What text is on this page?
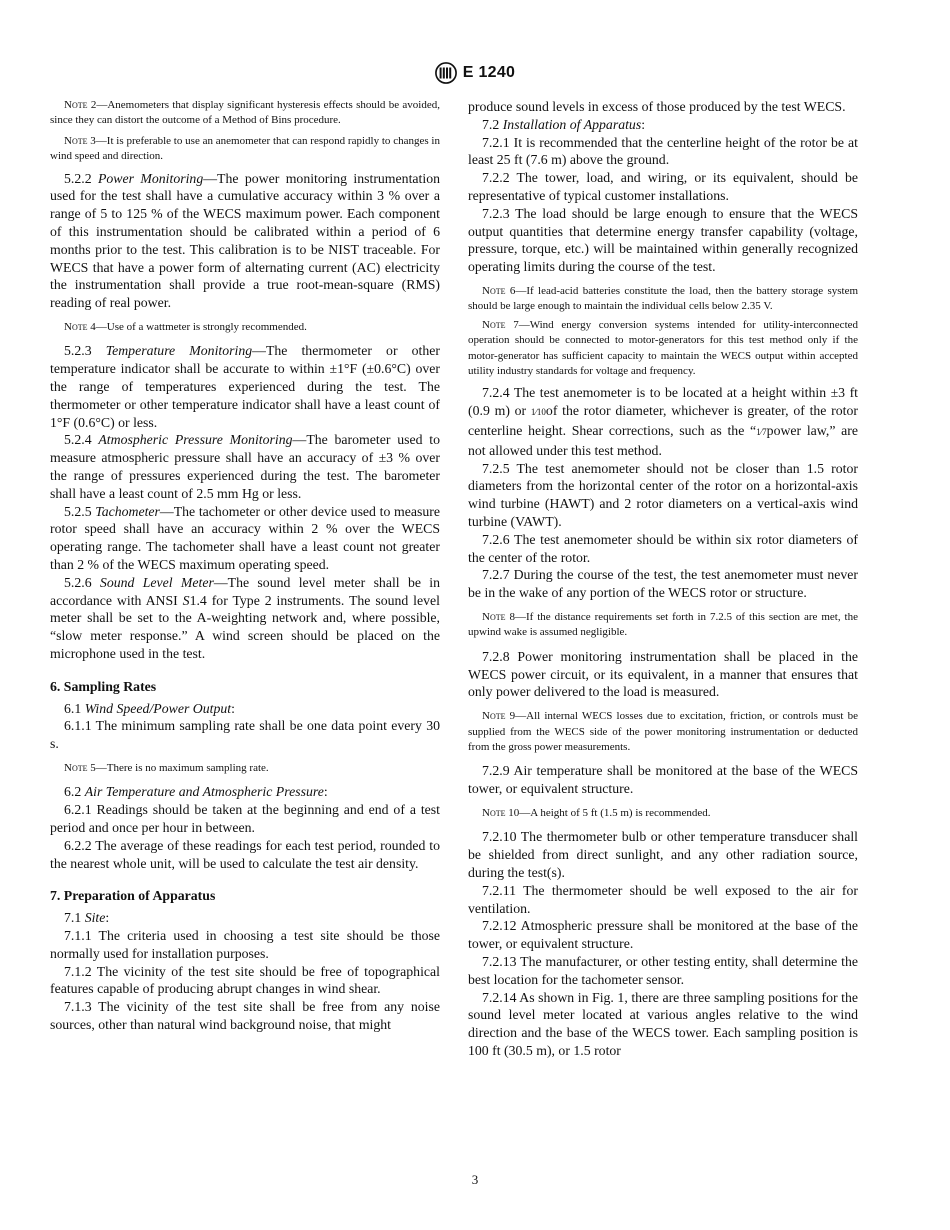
E 1240

Note 2—Anemometers that display significant hysteresis effects should be avoided, since they can distort the outcome of a Method of Bins procedure.

Note 3—It is preferable to use an anemometer that can respond rapidly to changes in wind speed and direction.

5.2.2 Power Monitoring—The power monitoring instrumentation used for the test shall have a cumulative accuracy within 3 % over a range of 5 to 125 % of the WECS maximum power. Each component of this instrumentation should be calibrated within a period of 6 months prior to the test. This calibration is to be NIST traceable. For WECS that have a power form of alternating current (AC) electricity the instrumentation shall provide a true root-mean-square (RMS) reading of real power.

Note 4—Use of a wattmeter is strongly recommended.

5.2.3 Temperature Monitoring—The thermometer or other temperature indicator shall be accurate to within ±1°F (±0.6°C) over the range of temperatures experienced during the test. The thermometer or other temperature indicator shall have a least count of 1°F (0.6°C) or less.

5.2.4 Atmospheric Pressure Monitoring—The barometer used to measure atmospheric pressure shall have an accuracy of ±3 % over the range of pressures experienced during the test. The barometer shall have a least count of 2.5 mm Hg or less.

5.2.5 Tachometer—The tachometer or other device used to measure rotor speed shall have an accuracy within 2 % over the WECS operating range. The tachometer shall have a least count not greater than 2 % of the WECS maximum operating speed.

5.2.6 Sound Level Meter—The sound level meter shall be in accordance with ANSI S1.4 for Type 2 instruments. The sound level meter shall be set to the A-weighting network and, where possible, “slow meter response.” A wind screen should be placed on the microphone used in the test.

6. Sampling Rates

6.1 Wind Speed/Power Output:

6.1.1 The minimum sampling rate shall be one data point every 30 s.

Note 5—There is no maximum sampling rate.

6.2 Air Temperature and Atmospheric Pressure:

6.2.1 Readings should be taken at the beginning and end of a test period and once per hour in between.

6.2.2 The average of these readings for each test period, rounded to the nearest whole unit, will be used to calculate the test air density.

7. Preparation of Apparatus

7.1 Site:

7.1.1 The criteria used in choosing a test site should be those normally used for installation purposes.

7.1.2 The vicinity of the test site should be free of topographical features capable of producing abrupt changes in wind shear.

7.1.3 The vicinity of the test site shall be free from any noise sources, other than natural wind background noise, that might

produce sound levels in excess of those produced by the test WECS.

7.2 Installation of Apparatus:

7.2.1 It is recommended that the centerline height of the rotor be at least 25 ft (7.6 m) above the ground.

7.2.2 The tower, load, and wiring, or its equivalent, should be representative of typical customer installations.

7.2.3 The load should be large enough to ensure that the WECS output quantities that determine energy transfer capability (voltage, pressure, torque, etc.) will be maintained within generally recognized operating limits during the course of the test.

Note 6—If lead-acid batteries constitute the load, then the battery storage system should be large enough to maintain the individual cells below 2.35 V.

Note 7—Wind energy conversion systems intended for utility-interconnected operation should be connected to motor-generators for this test method only if the motor-generator has sufficient capacity to maintain the WECS output within accepted utility industry standards for voltage and frequency.

7.2.4 The test anemometer is to be located at a height within ±3 ft (0.9 m) or 1⁄10of the rotor diameter, whichever is greater, of the rotor centerline height. Shear corrections, such as the “1⁄7power law,” are not allowed under this test method.

7.2.5 The test anemometer should not be closer than 1.5 rotor diameters from the horizontal center of the rotor on a horizontal-axis wind turbine (HAWT) and 2 rotor diameters on a vertical-axis wind turbine (VAWT).

7.2.6 The test anemometer should be within six rotor diameters of the center of the rotor.

7.2.7 During the course of the test, the test anemometer must never be in the wake of any portion of the WECS rotor or structure.

Note 8—If the distance requirements set forth in 7.2.5 of this section are met, the upwind wake is assumed negligible.

7.2.8 Power monitoring instrumentation shall be placed in the WECS power circuit, or its equivalent, in a manner that ensures that only power delivered to the load is measured.

Note 9—All internal WECS losses due to excitation, friction, or controls must be supplied from the WECS side of the power monitoring instrumentation or deducted from the gross power measurements.

7.2.9 Air temperature shall be monitored at the base of the WECS tower, or equivalent structure.

Note 10—A height of 5 ft (1.5 m) is recommended.

7.2.10 The thermometer bulb or other temperature transducer shall be shielded from direct sunlight, and any other radiation source, during the test(s).

7.2.11 The thermometer should be well exposed to the air for ventilation.

7.2.12 Atmospheric pressure shall be monitored at the base of the tower, or equivalent structure.

7.2.13 The manufacturer, or other testing entity, shall determine the best location for the tachometer sensor.

7.2.14 As shown in Fig. 1, there are three sampling positions for the sound level meter located at various angles relative to the wind direction and the base of the WECS tower. Each sampling position is 100 ft (30.5 m), or 1.5 rotor

3
